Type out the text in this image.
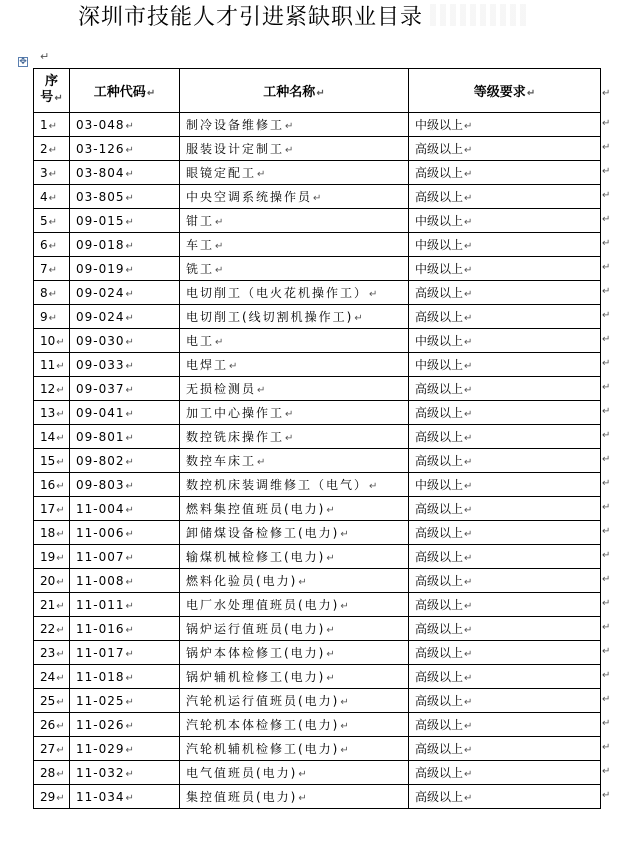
深圳市技能人才引进紧缺职业目录
✥ ↵
序
号↵	工种代码↵	工种名称↵	等级要求↵
1↵	03-048↵	制冷设备维修工↵	中级以上↵
2↵	03-126↵	服装设计定制工↵	高级以上↵
3↵	03-804↵	眼镜定配工↵	高级以上↵
4↵	03-805↵	中央空调系统操作员↵	高级以上↵
5↵	09-015↵	钳工↵	中级以上↵
6↵	09-018↵	车工↵	中级以上↵
7↵	09-019↵	铣工↵	中级以上↵
8↵	09-024↵	电切削工（电火花机操作工）↵	高级以上↵
9↵	09-024↵	电切削工(线切割机操作工)↵	高级以上↵
10↵	09-030↵	电工↵	中级以上↵
11↵	09-033↵	电焊工↵	中级以上↵
12↵	09-037↵	无损检测员↵	高级以上↵
13↵	09-041↵	加工中心操作工↵	高级以上↵
14↵	09-801↵	数控铣床操作工↵	高级以上↵
15↵	09-802↵	数控车床工↵	高级以上↵
16↵	09-803↵	数控机床装调维修工（电气）↵	中级以上↵
17↵	11-004↵	燃料集控值班员(电力)↵	高级以上↵
18↵	11-006↵	卸储煤设备检修工(电力)↵	高级以上↵
19↵	11-007↵	输煤机械检修工(电力)↵	高级以上↵
20↵	11-008↵	燃料化验员(电力)↵	高级以上↵
21↵	11-011↵	电厂水处理值班员(电力)↵	高级以上↵
22↵	11-016↵	锅炉运行值班员(电力)↵	高级以上↵
23↵	11-017↵	锅炉本体检修工(电力)↵	高级以上↵
24↵	11-018↵	锅炉辅机检修工(电力)↵	高级以上↵
25↵	11-025↵	汽轮机运行值班员(电力)↵	高级以上↵
26↵	11-026↵	汽轮机本体检修工(电力)↵	高级以上↵
27↵	11-029↵	汽轮机辅机检修工(电力)↵	高级以上↵
28↵	11-032↵	电气值班员(电力)↵	高级以上↵
29↵	11-034↵	集控值班员(电力)↵	高级以上↵
↵
↵
↵
↵
↵
↵
↵
↵
↵
↵
↵
↵
↵
↵
↵
↵
↵
↵
↵
↵
↵
↵
↵
↵
↵
↵
↵
↵
↵
↵
